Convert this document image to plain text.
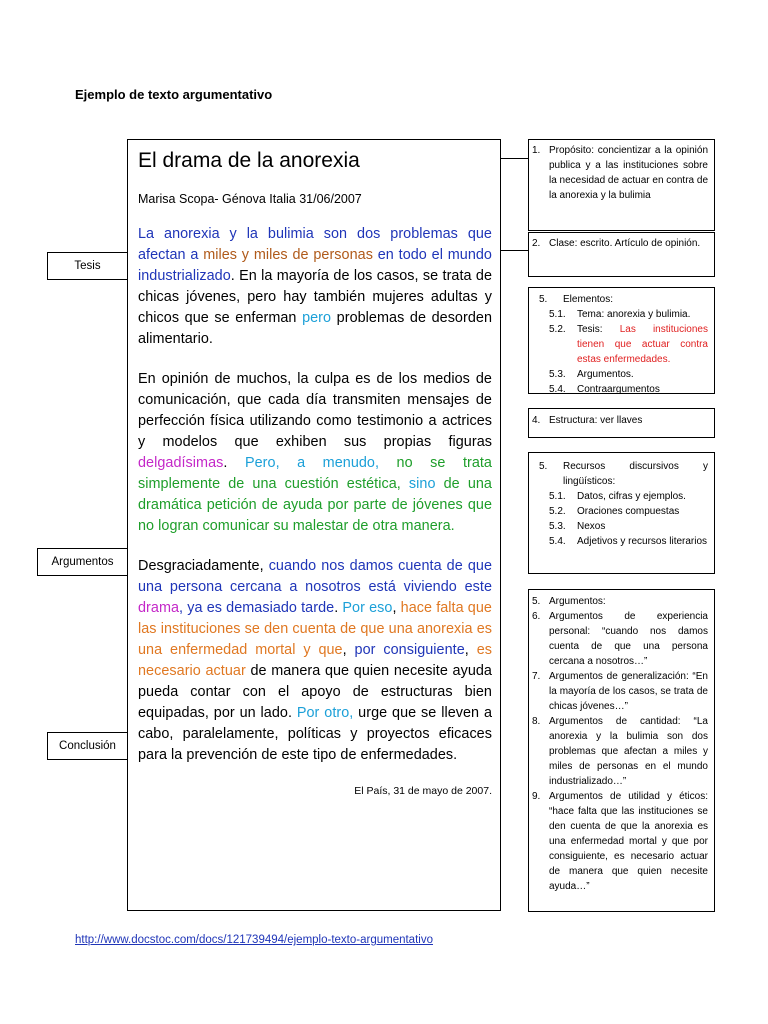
Ejemplo de texto argumentativo
El drama de la anorexia
Marisa Scopa- Génova Italia 31/06/2007

La anorexia y la bulimia son dos problemas que afectan a miles y miles de personas en todo el mundo industrializado. En la mayoría de los casos, se trata de chicas jóvenes, pero hay también mujeres adultas y chicos que se enferman pero problemas de desorden alimentario.

En opinión de muchos, la culpa es de los medios de comunicación, que cada día transmiten mensajes de perfección física utilizando como testimonio a actrices y modelos que exhiben sus propias figuras delgadísimas. Pero, a menudo, no se trata simplemente de una cuestión estética, sino de una dramática petición de ayuda por parte de jóvenes que no logran comunicar su malestar de otra manera.

Desgraciadamente, cuando nos damos cuenta de que una persona cercana a nosotros está viviendo este drama, ya es demasiado tarde. Por eso, hace falta que las instituciones se den cuenta de que una anorexia es una enfermedad mortal y que, por consiguiente, es necesario actuar de manera que quien necesite ayuda pueda contar con el apoyo de estructuras bien equipadas, por un lado. Por otro, urge que se lleven a cabo, paralelamente, políticas y proyectos eficaces para la prevención de este tipo de enfermedades.

El País, 31 de mayo de 2007.
Tesis
Argumentos
Conclusión
1. Propósito: concientizar a la opinión publica y a las instituciones sobre la necesidad de actuar en contra de la anorexia y la bulimia
2. Clase: escrito. Artículo de opinión.
5.	Elementos:
5.1.	Tema: anorexia y bulimia.
5.2.	Tesis: Las instituciones tienen que actuar contra estas enfermedades.
5.3.	Argumentos.
5.4.	Contraargumentos
4. Estructura: ver llaves
5.	Recursos discursivos y lingüísticos:
5.1.	Datos, cifras y ejemplos.
5.2.	Oraciones compuestas
5.3.	Nexos
5.4.	Adjetivos y recursos literarios
5. Argumentos:
6. Argumentos de experiencia personal: “cuando nos damos cuenta de que una persona cercana a nosotros…”
7. Argumentos de generalización: “En la mayoría de los casos, se trata de chicas jóvenes…”
8. Argumentos de cantidad: “La anorexia y la bulimia son dos problemas que afectan a miles y miles de personas en el mundo industrializado…”
9. Argumentos de utilidad y éticos: “hace falta que las instituciones se den cuenta de que la anorexia es una enfermedad mortal y que por consiguiente, es necesario actuar de manera que quien necesite ayuda…”
http://www.docstoc.com/docs/121739494/ejemplo-texto-argumentativo
